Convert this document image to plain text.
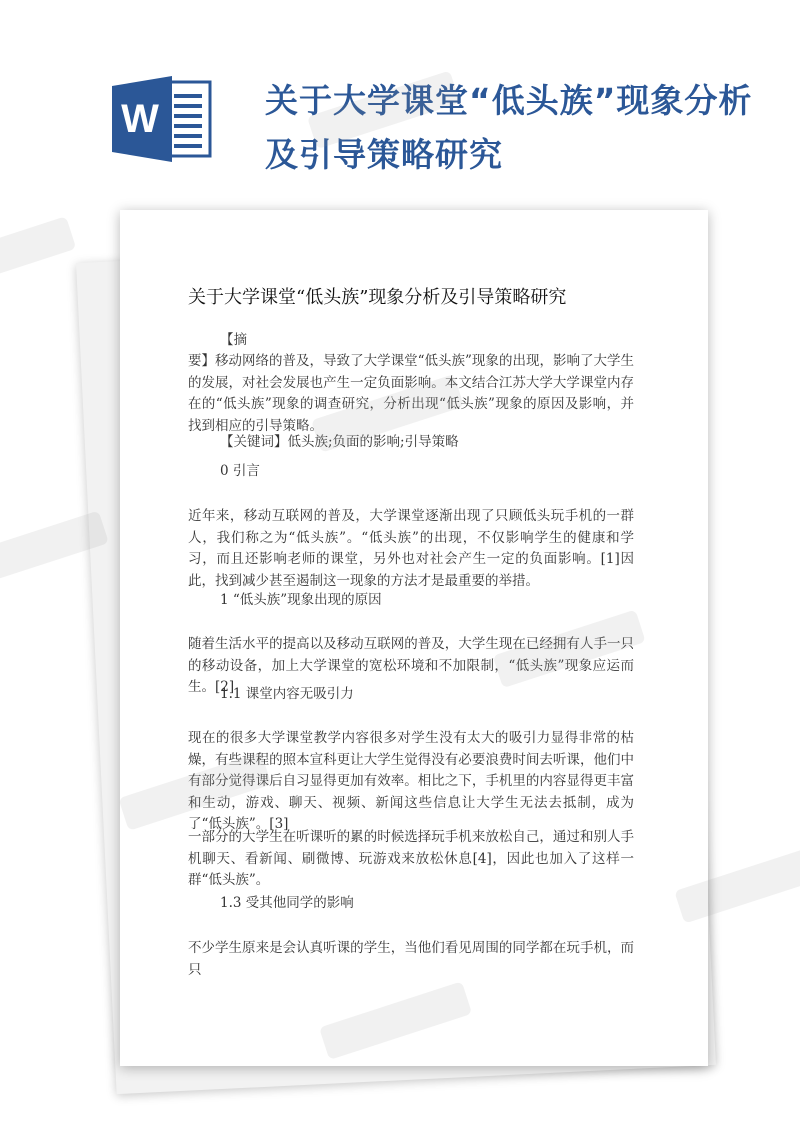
W	关于大学课堂“低头族”现象分析及引导策略研究
关于大学课堂“低头族”现象分析及引导策略研究

【摘

要】移动网络的普及，导致了大学课堂“低头族”现象的出现，影响了大学生的发展，对社会发展也产生一定负面影响。本文结合江苏大学大学课堂内存在的“低头族”现象的调查研究，分析出现“低头族”现象的原因及影响，并找到相应的引导策略。

【关键词】低头族;负面的影响;引导策略

0 引言

近年来，移动互联网的普及，大学课堂逐渐出现了只顾低头玩手机的一群人，我们称之为“低头族”。“低头族”的出现，不仅影响学生的健康和学习，而且还影响老师的课堂，另外也对社会产生一定的负面影响。[1]因此，找到减少甚至遏制这一现象的方法才是最重要的举措。

1 “低头族”现象出现的原因

随着生活水平的提高以及移动互联网的普及，大学生现在已经拥有人手一只的移动设备，加上大学课堂的宽松环境和不加限制，“低头族”现象应运而生。[2]

1.1 课堂内容无吸引力

现在的很多大学课堂教学内容很多对学生没有太大的吸引力显得非常的枯燥，有些课程的照本宣科更让大学生觉得没有必要浪费时间去听课，他们中有部分觉得课后自习显得更加有效率。相比之下，手机里的内容显得更丰富和生动，游戏、聊天、视频、新闻这些信息让大学生无法去抵制，成为了“低头族”。[3]

一部分的大学生在听课听的累的时候选择玩手机来放松自己，通过和别人手机聊天、看新闻、刷微博、玩游戏来放松休息[4]，因此也加入了这样一群“低头族”。

1.3 受其他同学的影响

不少学生原来是会认真听课的学生，当他们看见周围的同学都在玩手机，而只
